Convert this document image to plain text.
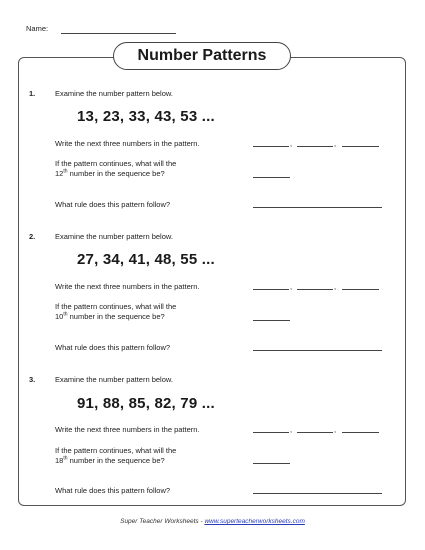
Name:
Number Patterns
1.	Examine the number pattern below.
13, 23, 33, 43, 53 ...
Write the next three numbers in the pattern.	,	,
If the pattern continues, what will the
12th number in the sequence be?
What rule does this pattern follow?
2.	Examine the number pattern below.
27, 34, 41, 48, 55 ...
Write the next three numbers in the pattern.	,	,
If the pattern continues, what will the
10th number in the sequence be?
What rule does this pattern follow?
3.	Examine the number pattern below.
91, 88, 85, 82, 79 ...
Write the next three numbers in the pattern.	,	,
If the pattern continues, what will the
18th number in the sequence be?
What rule does this pattern follow?
Super Teacher Worksheets - www.superteacherworksheets.com
